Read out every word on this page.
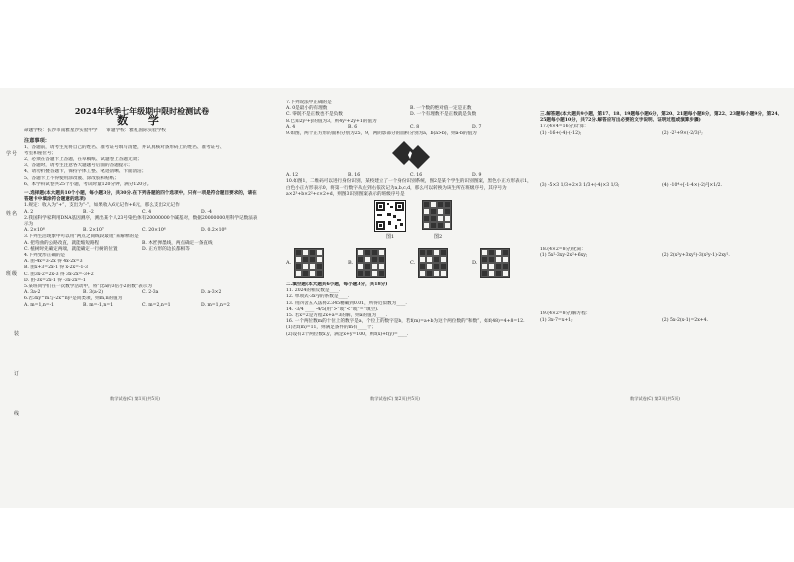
学号
姓名
班级
装
订
线
2024年秋季七年级期中限时检测试卷
数 学
命题学校：长沙市南雅星沙实验中学 审题学校：雅礼国际实验学校
注意事项：
1、答题前，请考生先将自己的姓名、准考证号填写清楚，并认真核对条形码上的姓名、准考证号、
考室和座位号；
2、必须在答题卡上答题，在草稿纸、试题卷上答题无效；
3、答题时，请考生注意各大题题号后面的答题提示；
4、请勿折叠答题卡，保持字体工整、笔迹清晰、卡面清洁；
5、答题卡上不得使用涂改液、涂改胶和贴纸；
6、本学科试卷共25个小题，考试时量120分钟，满分120分。
一.选择题(本大题共10个小题，每小题3分，共30分.在下列各题的四个选项中，只有一项是符合题目要求的，请在答题卡中填涂符合题意的选项)
1.规定：收入为“+”，支出为“-”，如果收入6元记作+6元，那么支出2元记作
A. 2	B. -2	C. 4	D. -4
2.我国科学家利用DNA基因测序，测出某个人23号染色体有20000000个碱基对，数据20000000用科学记数法表示为
A. 2×10⁸	B. 2×10⁷	C. 20×10⁶	D. 0.2×10⁸
3.下列生活现象中可以用“两点之间线段最短”来解释的是
A. 把弯曲的公路改直，就能缩短路程	B. 木匠弹墨线，两点确定一条直线
C. 植树时先确定两端，就能确定一行树的位置	D. 正方形的边长都相等
4.下列变形正确的是
A. 由-4x=3-2x 得 4x-2x=3
B. 由x+3=2x-1 得 x-2x=-1-3
C. 由3x-2=2x-3 得 3x-2x=-3+2
D. 由-3x=2x-1 得 -3x-2x=-1
5.某班同学们在一次数学活动中，将“比a的3倍小2的数”表示为
A. 3a-2	B. 3(a-2)	C. 2-3a	D. a-3×2
6.若3xy^m与-2x^ny²是同类项，则m,n的值为
A. m=1,n=-1	B. m=-1,n=1	C. m=2,n=1	D. m=1,n=2
数学试卷(C) 第1页(共5页)
7.下列说法中正确的是
A. 0是最小的有理数	B. 一个数的绝对值一定是正数
C. 零既不是正数也不是负数	D. 一个有理数不是正数就是负数
8.已知2y²+y的值为3，则4y²+2y+1的值为
A. 4	B. 6	C. 8	D. 7
9.如图，两个正方形的面积分别为25，9，两阴影部分的面积分别为a，b(a>b)，则a-b的值为
A. 12	B. 16	C. 16	D. 9
10.如图1，二维码可以进行身份识别，某校建立了一个身份识别系统，图2是某个学生的识别图案，黑色小正方形表示1，白色小正方形表示0，将第一行数字从左到右依次记为a,b,c,d，那么可以转换为该生所在班级序号，其序号为a×2³+b×2²+c×2+d，则图3识别图案表示的班级序号是
图1	图2
A.	B.	C.	D.
二.填空题(本大题共6小题，每小题3分，共18分)
11. 2024的相反数是____.
12. 单项式-3x²y的系数是____.
13. 用四舍五入法将2.345精确到0.01，所得近似数为____.
14. -3/4 ____ -4/5(用“>”或“<”或“=”填空).
15. 若x=2是方程2x+a=3的解，则a的值为____.
16. 一个两位数m的十位上的数字是a，个位上的数字是b，若f(m)=a+b为这个两位数的“和数”，如f(48)=4+8=12.
(1)若f(m)=11，则满足条件的m有____个；
(2)设有2个两位数x,y，满足x+y=100，则f(x)+f(y)=____.
数学试卷(C) 第2页(共5页)
三.解答题(本大题共9小题，第17、18、19题每小题6分，第20、21题每小题8分，第22、23题每小题9分，第24、25题每小题10分，共72分.解答应写出必要的文字说明、证明过程或演算步骤)
17.(4×4=16分)计算：
(1) -16+(-4)-(-12);	(2) -2²+9×(-2/3)²;
(3) -5×3 1/3+2×3 1/3+(-4)×3 1/3;	(4) -10⁴÷[-1-4×(-2)²]×1/2.
18.(4×2=8分)化简：
(1) 5x²-3xy-2x²+6xy;	(2) 2(x²y+3xy²)-3(x²y-1)-2xy².
19.(4×2=8分)解方程：
(1) 3x-7=x+1;	(2) 5x-2(x-1)=2x+4.
数学试卷(C) 第3页(共5页)
